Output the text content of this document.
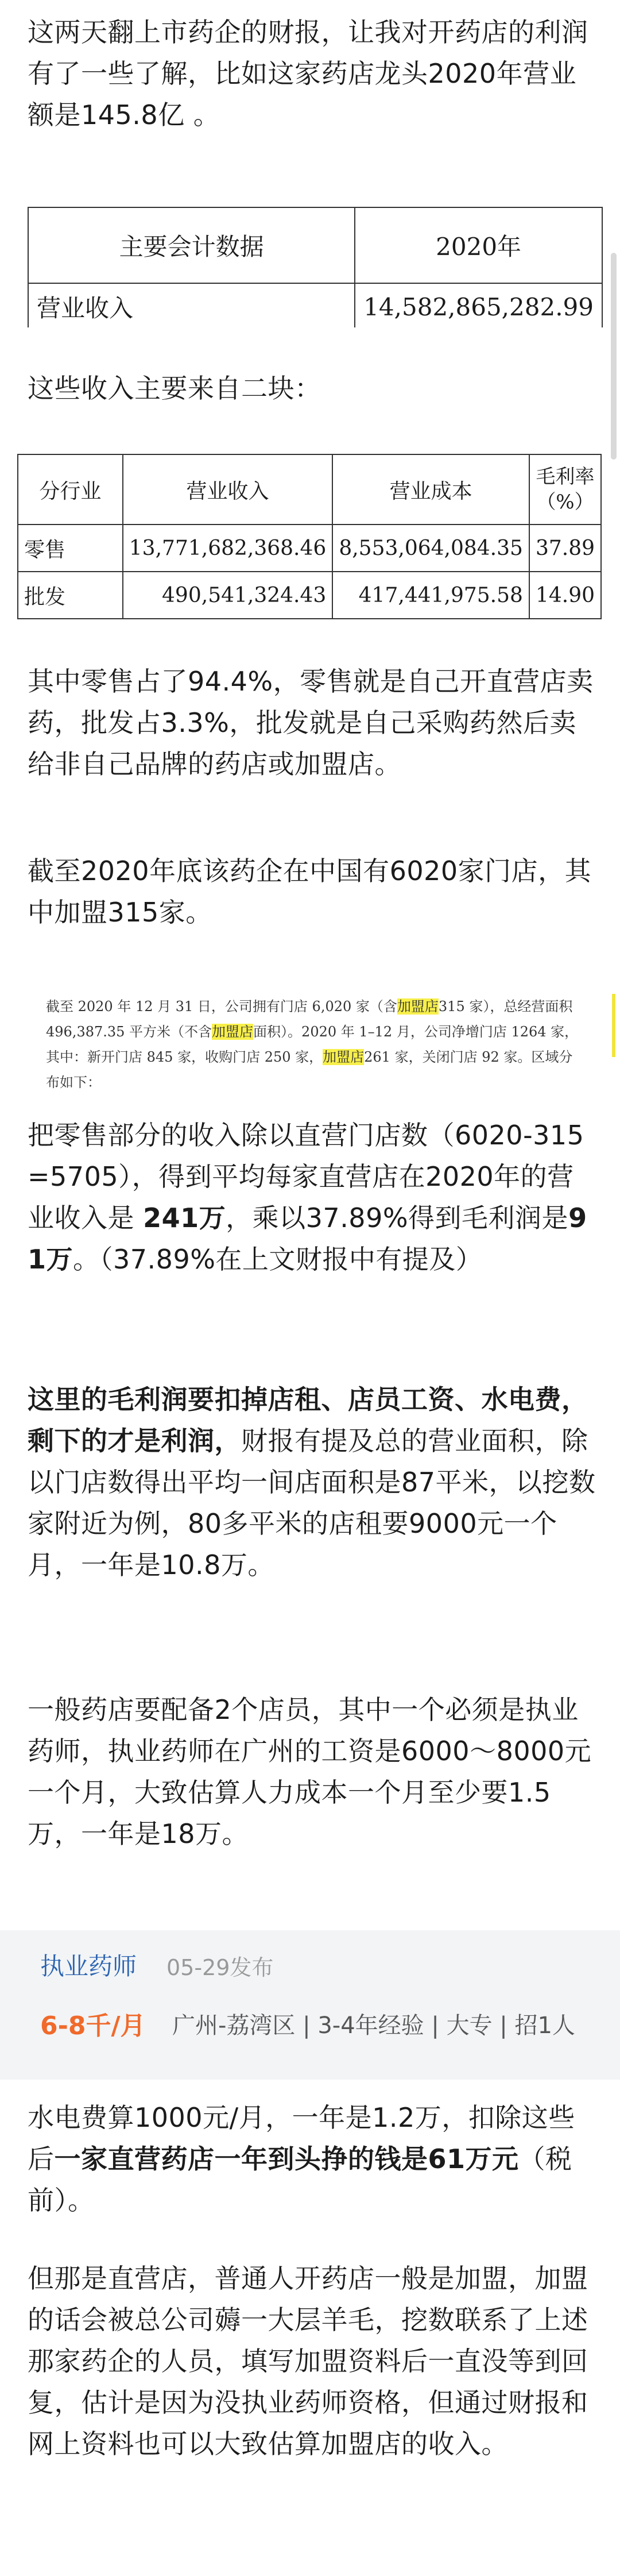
这两天翻上市药企的财报，让我对开药店的利润有了一些了解，比如这家药店龙头2020年营业额是145.8亿 。
主要会计数据	2020年
营业收入	14,582,865,282.99

这些收入主要来自二块：
分行业	营业收入	营业成本	毛利率（%）
零售	13,771,682,368.46	8,553,064,084.35	37.89
批发	490,541,324.43	417,441,975.58	14.90
其中零售占了94.4%，零售就是自己开直营店卖药，批发占3.3%，批发就是自己采购药然后卖给非自己品牌的药店或加盟店。
截至2020年底该药企在中国有6020家门店，其中加盟315家。
截至 2020 年 12 月 31 日，公司拥有门店 6,020 家（含加盟店315 家），总经营面积 496,387.35 平方米（不含加盟店面积）。2020 年 1–12 月，公司净增门店 1264 家，其中：新开门店 845 家，收购门店 250 家，加盟店261 家，关闭门店 92 家。区域分布如下：
把零售部分的收入除以直营门店数（6020-315=5705），得到平均每家直营店在2020年的营业收入是 241万，乘以37.89%得到毛利润是91万。（37.89%在上文财报中有提及）
这里的毛利润要扣掉店租、店员工资、水电费，剩下的才是利润，财报有提及总的营业面积，除以门店数得出平均一间店面积是87平米，以挖数家附近为例，80多平米的店租要9000元一个月，一年是10.8万。
一般药店要配备2个店员，其中一个必须是执业药师，执业药师在广州的工资是6000～8000元一个月，大致估算人力成本一个月至少要1.5万，一年是18万。
执业药师 05-29发布
6-8千/月 广州-荔湾区 | 3-4年经验 | 大专 | 招1人
水电费算1000元/月，一年是1.2万，扣除这些后一家直营药店一年到头挣的钱是61万元（税前）。
但那是直营店，普通人开药店一般是加盟，加盟的话会被总公司薅一大层羊毛，挖数联系了上述那家药企的人员，填写加盟资料后一直没等到回复，估计是因为没执业药师资格，但通过财报和网上资料也可以大致估算加盟店的收入。
